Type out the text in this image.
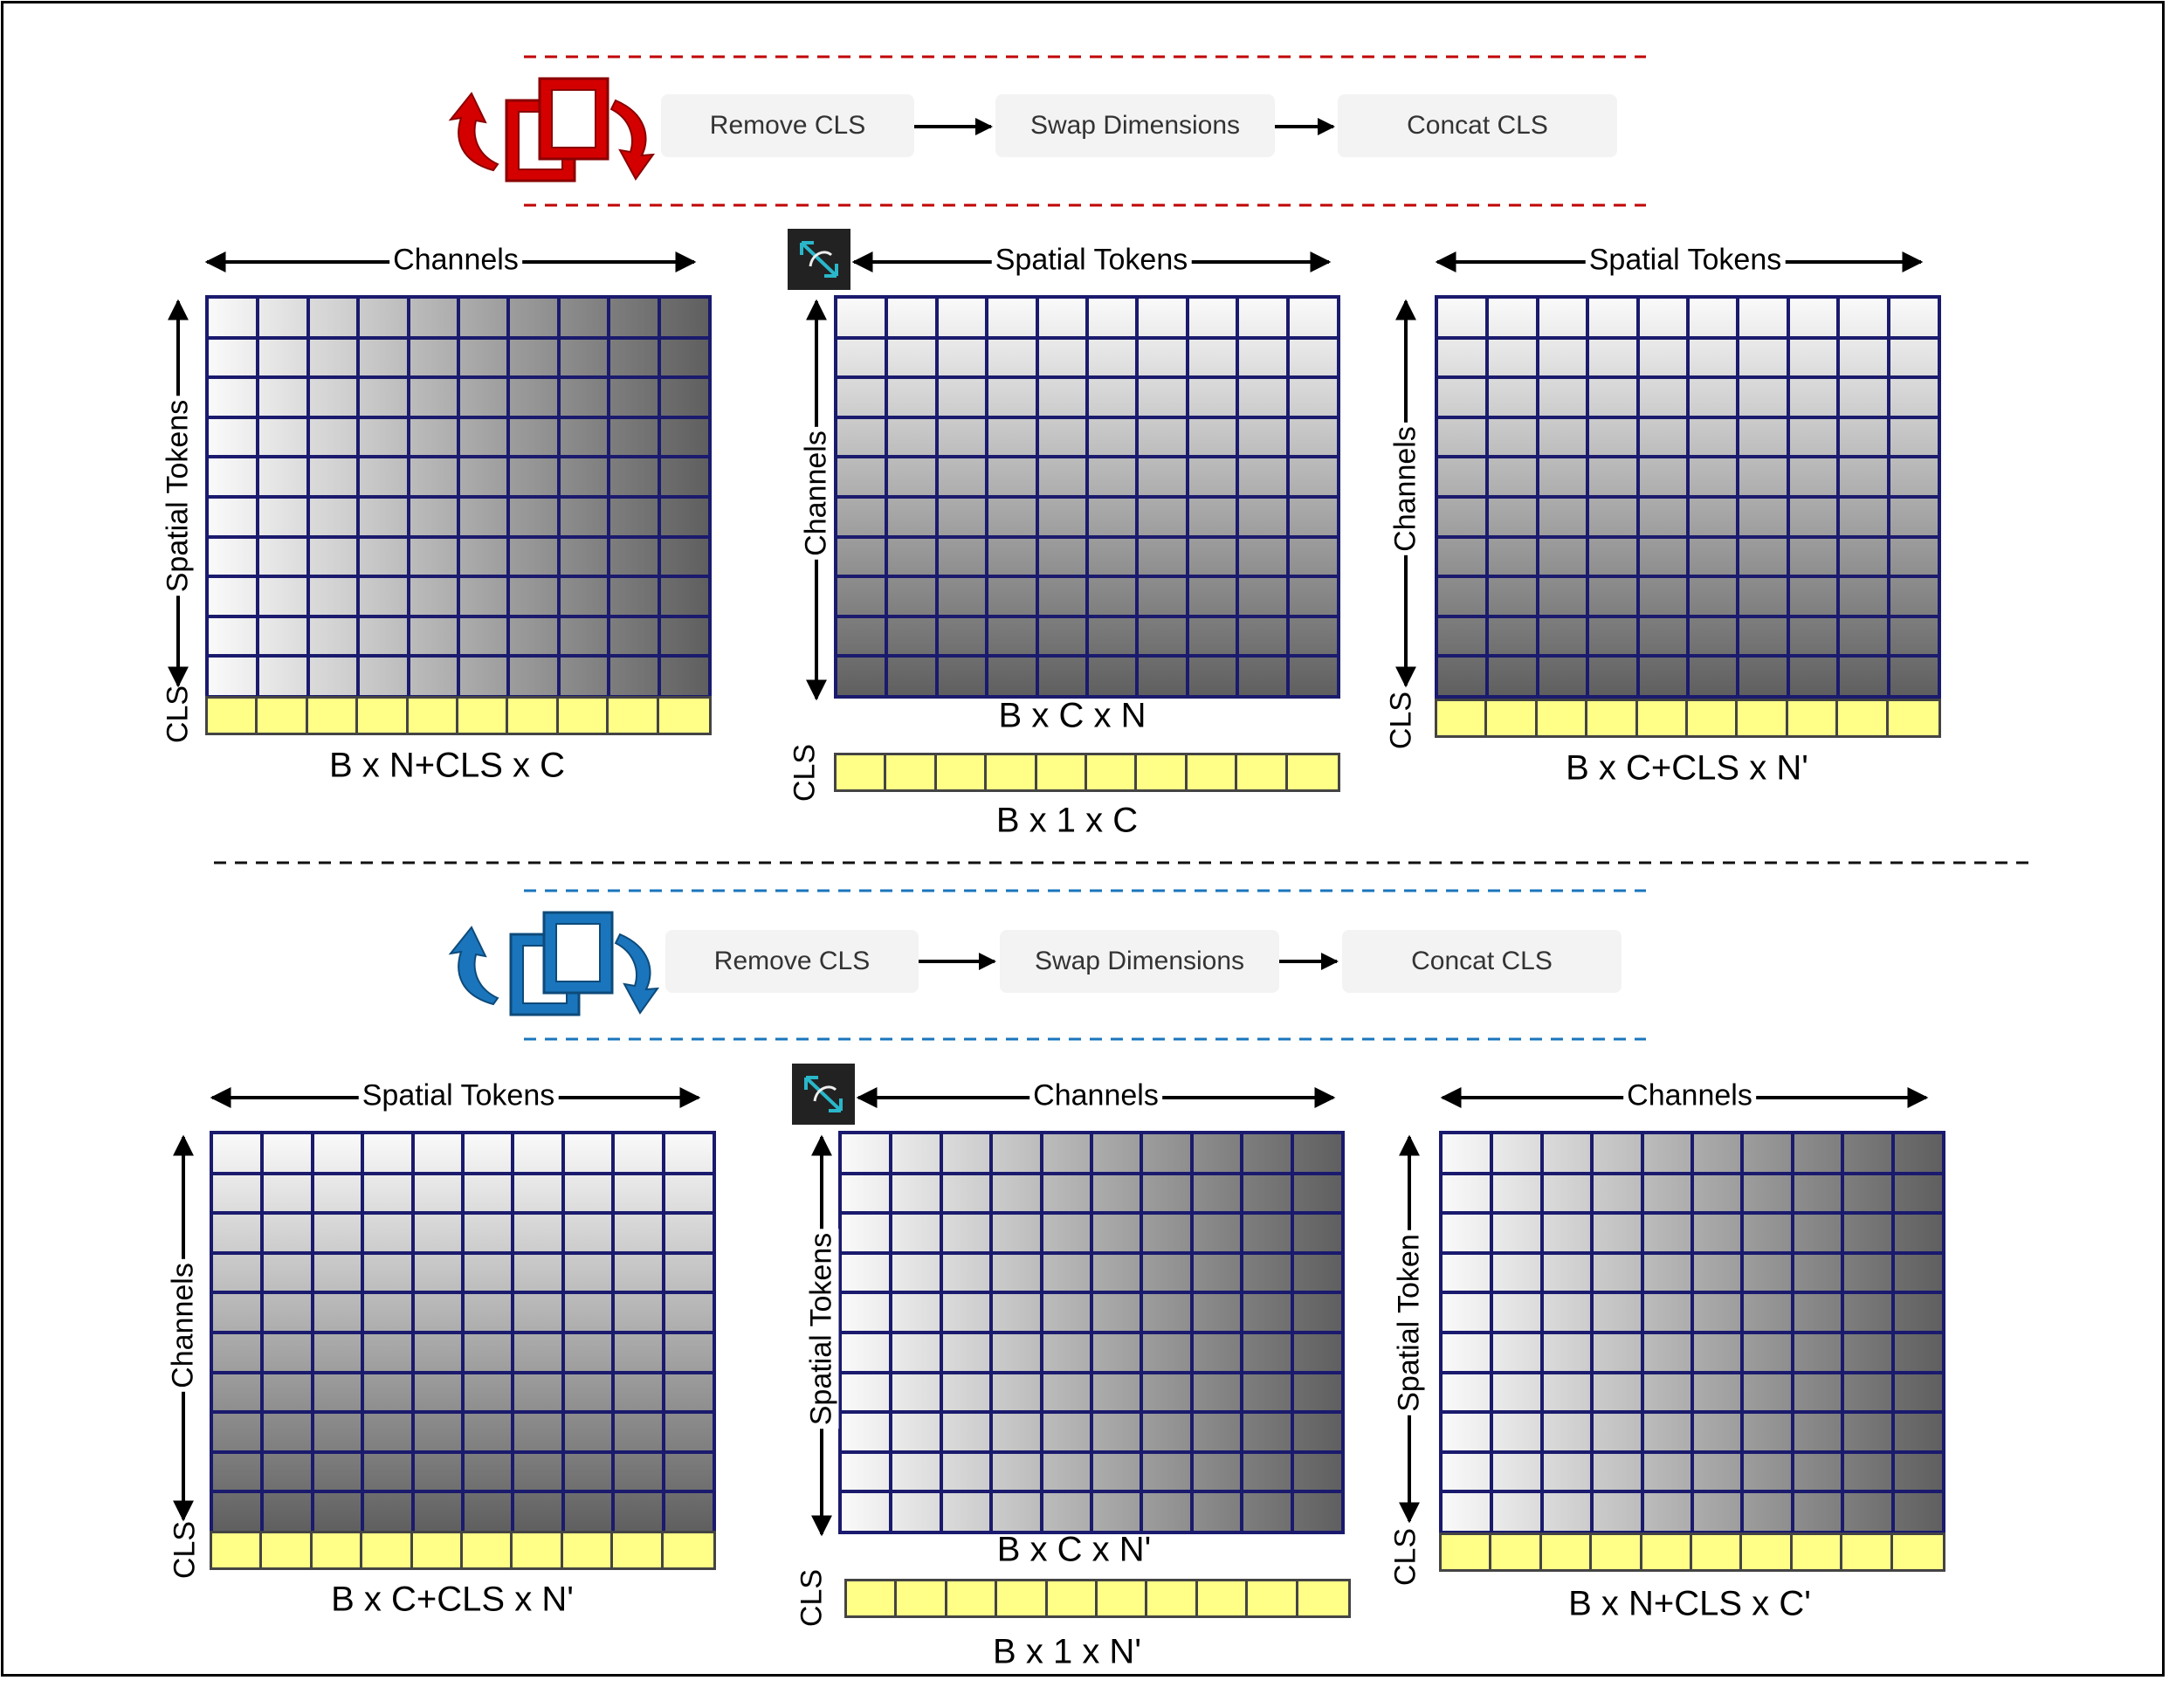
Remove CLS	Swap Dimensions	Concat CLS
Remove CLS	Swap Dimensions	Concat CLS
Channels
Spatial Tokens
CLS
B x N+CLS x C
Spatial Tokens
Channels
B x C x N
CLS
B x 1 x C
Spatial Tokens
Channels
CLS
B x C+CLS x N'
Spatial Tokens
Channels
CLS
B x C+CLS x N'
Channels
Spatial Tokens
B x C x N'
CLS
B x 1 x N'
Channels
Spatial Token
CLS
B x N+CLS x C'
